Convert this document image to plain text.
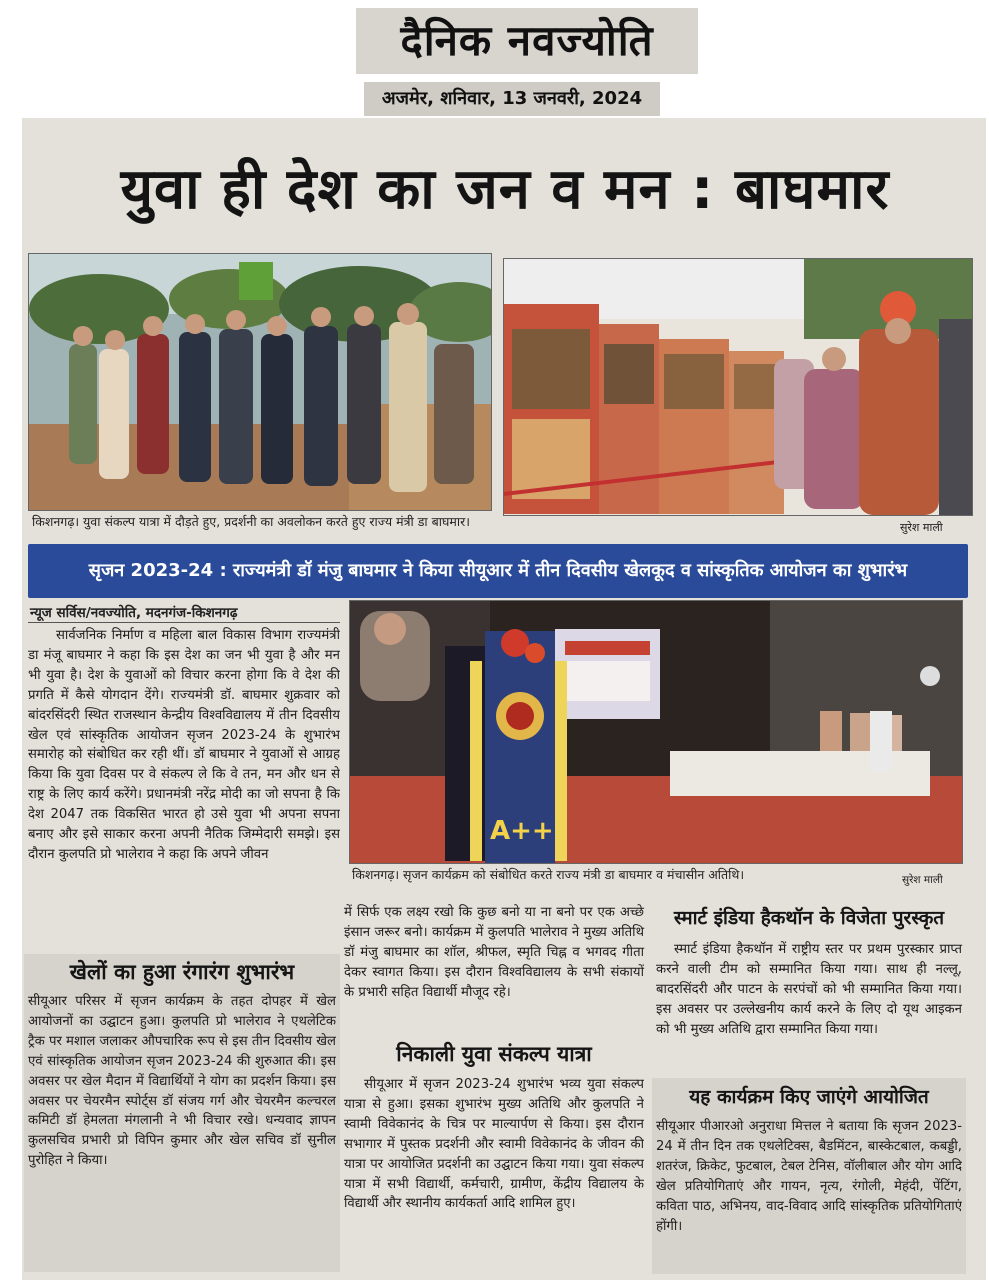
दैनिक नवज्योति
अजमेर, शनिवार, 13 जनवरी, 2024
युवा ही देश का जन व मन : बाघमार
किशनगढ़। युवा संकल्प यात्रा में दौड़ते हुए, प्रदर्शनी का अवलोकन करते हुए राज्य मंत्री डा बाघमार।	सुरेश माली
सृजन 2023-24 : राज्यमंत्री डॉ मंजु बाघमार ने किया सीयूआर में तीन दिवसीय खेलकूद व सांस्कृतिक आयोजन का शुभारंभ
न्यूज सर्विस/नवज्योति, मदनगंज-किशनगढ़

सार्वजनिक निर्माण व महिला बाल विकास विभाग राज्यमंत्री डा मंजू बाघमार ने कहा कि इस देश का जन भी युवा है और मन भी युवा है। देश के युवाओं को विचार करना होगा कि वे देश की प्रगति में कैसे योगदान देंगे। राज्यमंत्री डॉ. बाघमार शुक्रवार को बांदरसिंदरी स्थित राजस्थान केन्द्रीय विश्वविद्यालय में तीन दिवसीय खेल एवं सांस्कृतिक आयोजन सृजन 2023-24 के शुभारंभ समारोह को संबोधित कर रही थीं। डॉ बाघमार ने युवाओं से आग्रह किया कि युवा दिवस पर वे संकल्प ले कि वे तन, मन और धन से राष्ट्र के लिए कार्य करेंगे। प्रधानमंत्री नरेंद्र मोदी का जो सपना है कि देश 2047 तक विकसित भारत हो उसे युवा भी अपना सपना बनाए और इसे साकार करना अपनी नैतिक जिम्मेदारी समझे। इस दौरान कुलपति प्रो भालेराव ने कहा कि अपने जीवन

A++
किशनगढ़। सृजन कार्यक्रम को संबोधित करते राज्य मंत्री डा बाघमार व मंचासीन अतिथि।	सुरेश माली

में सिर्फ एक लक्ष्य रखो कि कुछ बनो या ना बनो पर एक अच्छे इंसान जरूर बनो। कार्यक्रम में कुलपति भालेराव ने मुख्य अतिथि डॉ मंजु बाघमार का शॉल, श्रीफल, स्मृति चिह्न व भगवद गीता देकर स्वागत किया। इस दौरान विश्वविद्यालय के सभी संकायों के प्रभारी सहित विद्यार्थी मौजूद रहे।

खेलों का हुआ रंगारंग शुभारंभ

सीयूआर परिसर में सृजन कार्यक्रम के तहत दोपहर में खेल आयोजनों का उद्घाटन हुआ। कुलपति प्रो भालेराव ने एथलेटिक ट्रैक पर मशाल जलाकर औपचारिक रूप से इस तीन दिवसीय खेल एवं सांस्कृतिक आयोजन सृजन 2023-24 की शुरुआत की। इस अवसर पर खेल मैदान में विद्यार्थियों ने योग का प्रदर्शन किया। इस अवसर पर चेयरमैन स्पोर्ट्स डॉ संजय गर्ग और चेयरमैन कल्चरल कमिटी डॉ हेमलता मंगलानी ने भी विचार रखे। धन्यवाद ज्ञापन कुलसचिव प्रभारी प्रो विपिन कुमार और खेल सचिव डॉ सुनील पुरोहित ने किया।

निकाली युवा संकल्प यात्रा

सीयूआर में सृजन 2023-24 शुभारंभ भव्य युवा संकल्प यात्रा से हुआ। इसका शुभारंभ मुख्य अतिथि और कुलपति ने स्वामी विवेकानंद के चित्र पर माल्यार्पण से किया। इस दौरान सभागार में पुस्तक प्रदर्शनी और स्वामी विवेकानंद के जीवन की यात्रा पर आयोजित प्रदर्शनी का उद्घाटन किया गया। युवा संकल्प यात्रा में सभी विद्यार्थी, कर्मचारी, ग्रामीण, केंद्रीय विद्यालय के विद्यार्थी और स्थानीय कार्यकर्ता आदि शामिल हुए।

स्मार्ट इंडिया हैकथॉन के विजेता पुरस्कृत

स्मार्ट इंडिया हैकथॉन में राष्ट्रीय स्तर पर प्रथम पुरस्कार प्राप्त करने वाली टीम को सम्मानित किया गया। साथ ही नल्लू, बादरसिंदरी और पाटन के सरपंचों को भी सम्मानित किया गया। इस अवसर पर उल्लेखनीय कार्य करने के लिए दो यूथ आइकन को भी मुख्य अतिथि द्वारा सम्मानित किया गया।

यह कार्यक्रम किए जाएंगे आयोजित

सीयूआर पीआरओ अनुराधा मित्तल ने बताया कि सृजन 2023-24 में तीन दिन तक एथलेटिक्स, बैडमिंटन, बास्केटबाल, कबड्डी, शतरंज, क्रिकेट, फुटबाल, टेबल टेनिस, वॉलीबाल और योग आदि खेल प्रतियोगिताएं और गायन, नृत्य, रंगोली, मेहंदी, पेंटिंग, कविता पाठ, अभिनय, वाद-विवाद आदि सांस्कृतिक प्रतियोगिताएं होंगी।
